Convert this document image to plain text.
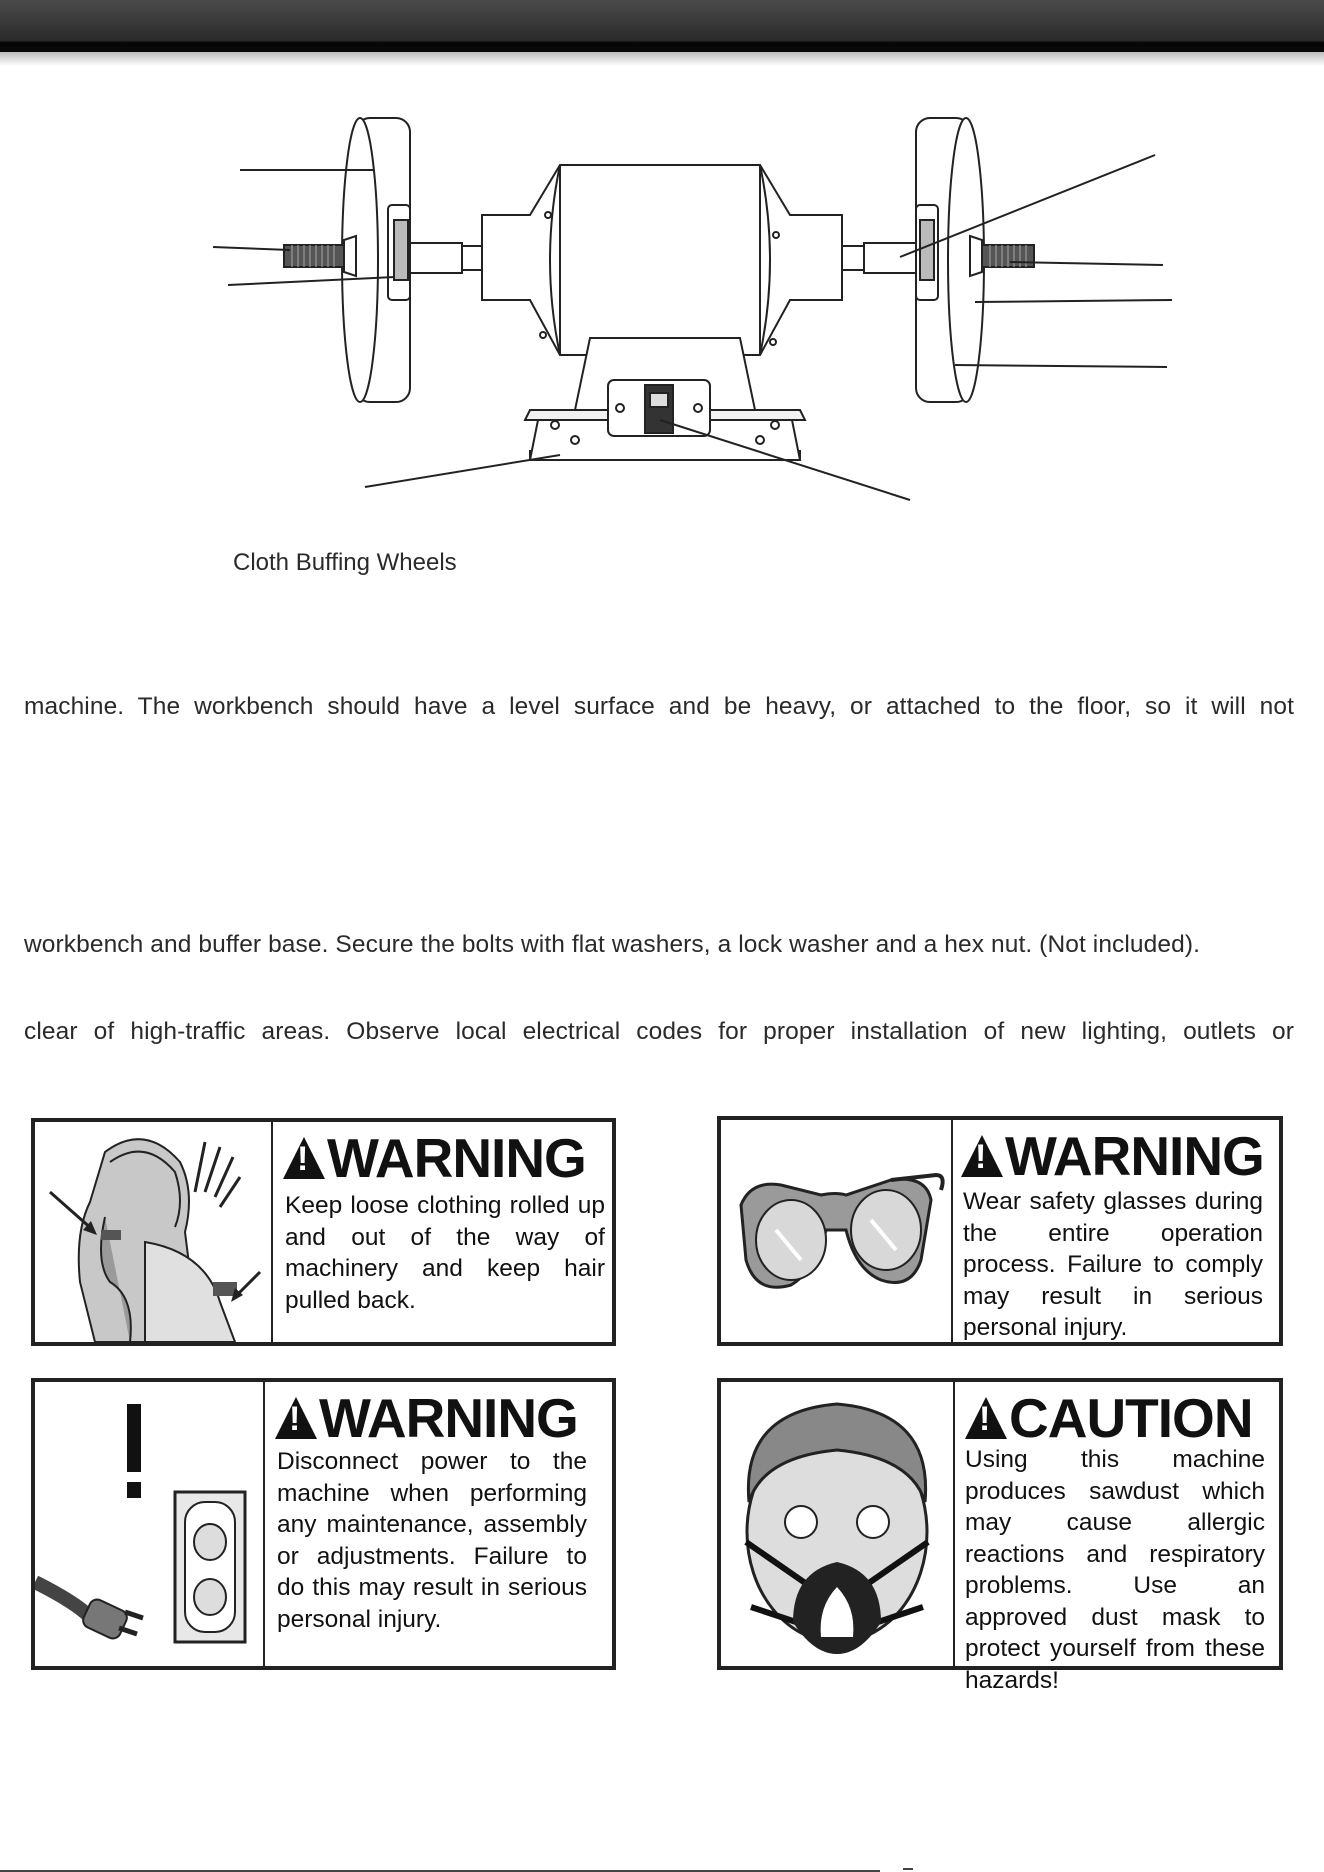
Cloth Buffing Wheels
machine. The workbench should have a level surface and be heavy, or attached to the floor, so it will not
workbench and buffer base. Secure the bolts with flat washers, a lock washer and a hex nut. (Not included).
clear of high-traffic areas. Observe local electrical codes for proper installation of new lighting, outlets or
!WARNING
Keep loose clothing rolled up and out of the way of machinery and keep hair pulled back.
!WARNING
Wear safety glasses during the entire operation process. Failure to comply may result in serious personal injury.
!WARNING
Disconnect power to the machine when performing any maintenance, assembly or adjustments. Failure to do this may result in serious personal injury.
!CAUTION
Using this machine produces sawdust which may cause allergic reactions and respiratory problems. Use an approved dust mask to protect yourself from these hazards!
